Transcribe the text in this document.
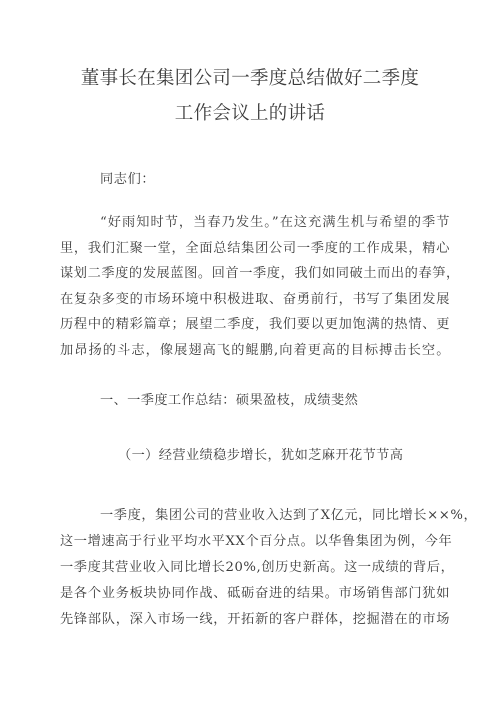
董事长在集团公司一季度总结做好二季度
工作会议上的讲话
同志们：
“好雨知时节，当春乃发生。”在这充满生机与希望的季节
里，我们汇聚一堂，全面总结集团公司一季度的工作成果，精心
谋划二季度的发展蓝图。回首一季度，我们如同破土而出的春笋，
在复杂多变的市场环境中积极进取、奋勇前行，书写了集团发展
历程中的精彩篇章；展望二季度，我们要以更加饱满的热情、更
加昂扬的斗志，像展翅高飞的鲲鹏,向着更高的目标搏击长空。
一、一季度工作总结：硕果盈枝，成绩斐然
（一）经营业绩稳步增长，犹如芝麻开花节节高
一季度，集团公司的营业收入达到了X亿元，同比增长××%，
这一增速高于行业平均水平XX个百分点。以华鲁集团为例，今年
一季度其营业收入同比增长20%,创历史新高。这一成绩的背后，
是各个业务板块协同作战、砥砺奋进的结果。市场销售部门犹如
先锋部队，深入市场一线，开拓新的客户群体，挖掘潜在的市场
